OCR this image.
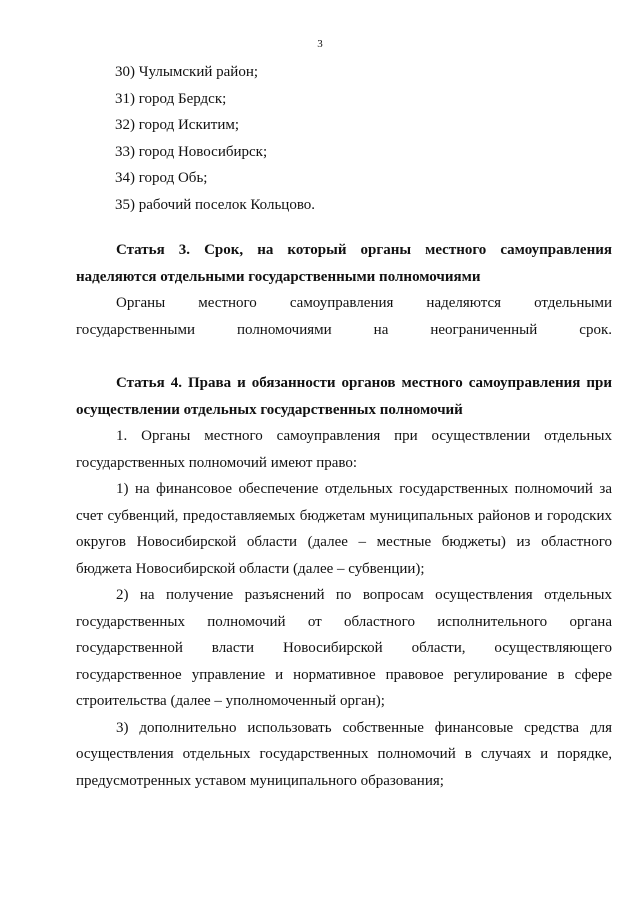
3
30) Чулымский район;
31) город Бердск;
32) город Искитим;
33) город Новосибирск;
34) город Обь;
35) рабочий поселок Кольцово.

Статья 3. Срок, на который органы местного самоуправления наделяются отдельными государственными полномочиями

Органы местного самоуправления наделяются отдельными государственными полномочиями на неограниченный срок.

Статья 4. Права и обязанности органов местного самоуправления при осуществлении отдельных государственных полномочий

1. Органы местного самоуправления при осуществлении отдельных государственных полномочий имеют право:

1) на финансовое обеспечение отдельных государственных полномочий за счет субвенций, предоставляемых бюджетам муниципальных районов и городских округов Новосибирской области (далее – местные бюджеты) из областного бюджета Новосибирской области (далее – субвенции);

2) на получение разъяснений по вопросам осуществления отдельных государственных полномочий от областного исполнительного органа государственной власти Новосибирской области, осуществляющего государственное управление и нормативное правовое регулирование в сфере строительства (далее – уполномоченный орган);

3) дополнительно использовать собственные финансовые средства для осуществления отдельных государственных полномочий в случаях и порядке, предусмотренных уставом муниципального образования;
